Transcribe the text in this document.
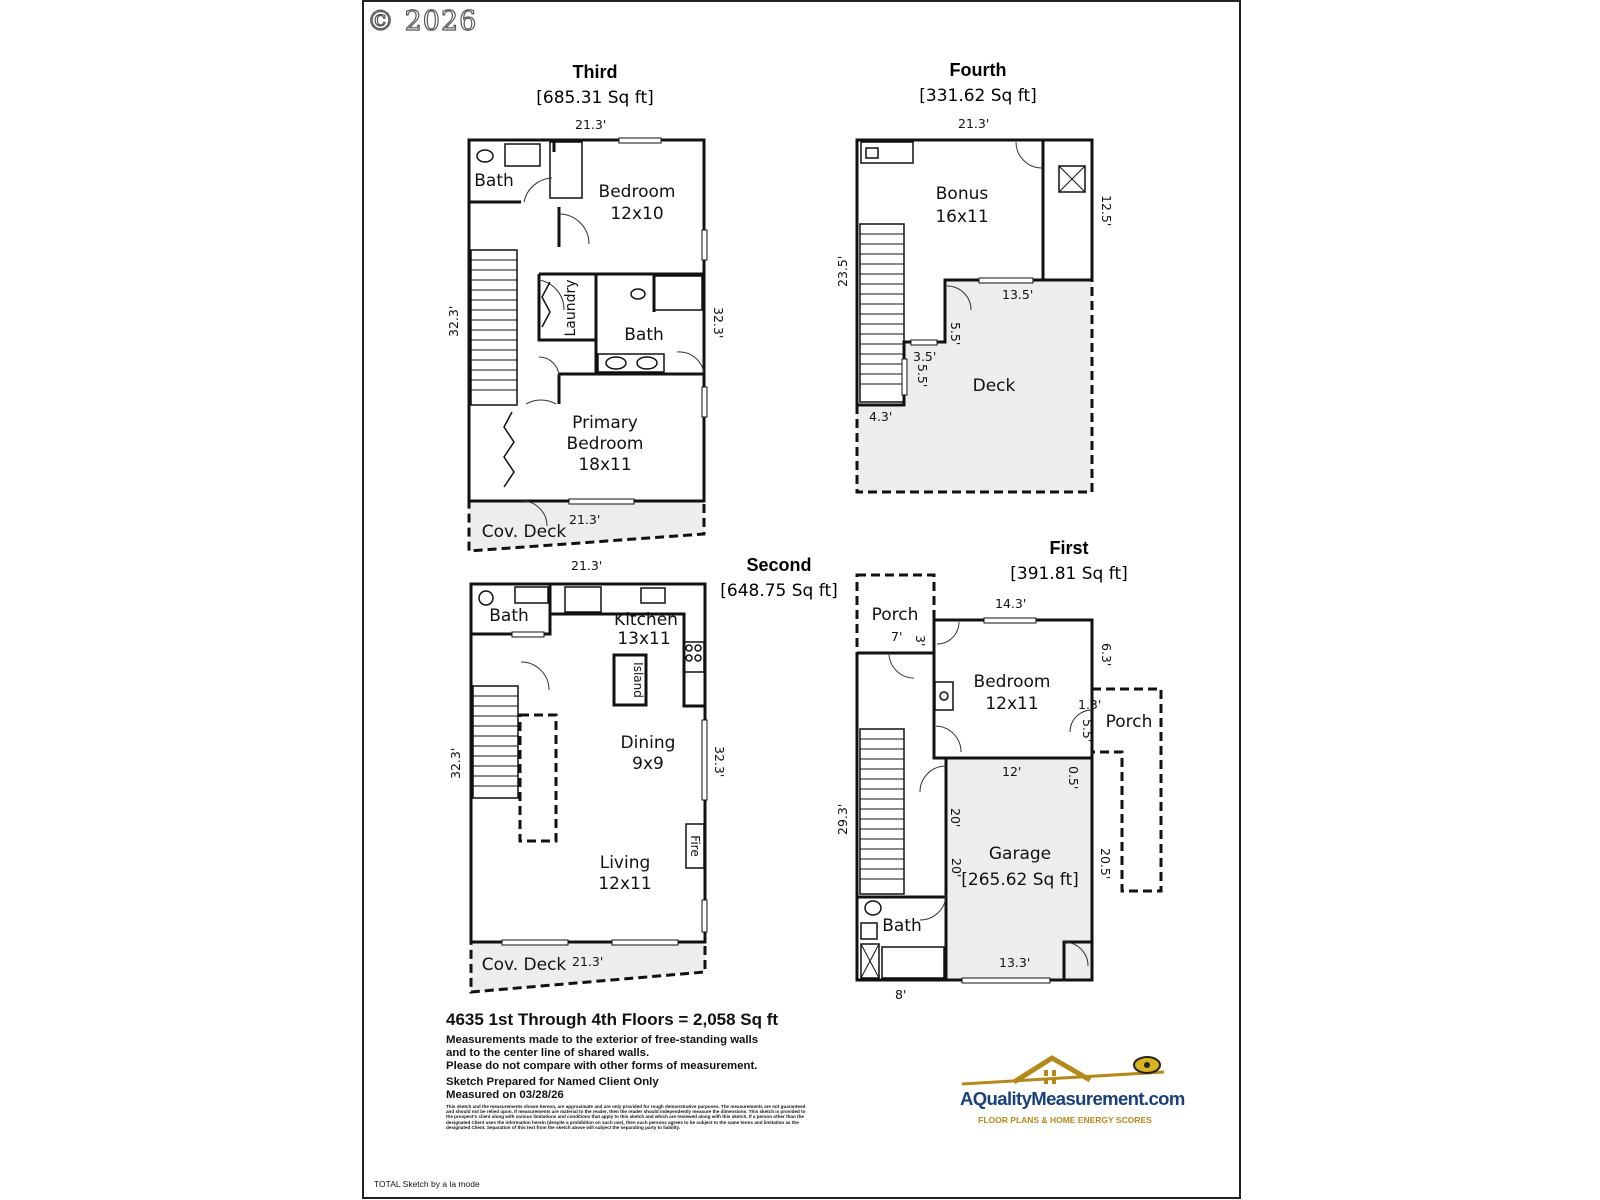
© 2026
Third
[685.31 Sq ft]
21.3'
Bath
Bedroom
12x10
Laundry	Bath
Primary
Bedroom
18x11
Cov. Deck
21.3'
32.3'	32.3'
Fourth
[331.62 Sq ft]
21.3'
Bonus
16x11
Deck
13.5'
5.5'
3.5'
5.5'
4.3'
23.5'
12.5'
Second
[648.75 Sq ft]
21.3'
Bath	Kitchen
13x11
Island
Dining
9x9
Fire
Living
12x11
Cov. Deck 21.3'
32.3'	32.3'
First
[391.81 Sq ft]
Porch
Bedroom
12x11
Porch
Garage
[265.62 Sq ft]
Bath
14.3'
6.3'
7' 3'
1.3'
5.5'
12'	0.5'
20'
20'
29.3'
20.5'
13.3'
8'
AQualityMeasurement.com
FLOOR PLANS & HOME ENERGY SCORES
4635 1st Through 4th Floors = 2,058 Sq ft
Measurements made to the exterior of free-standing walls
and to the center line of shared walls.
Please do not compare with other forms of measurement.
Sketch Prepared for Named Client Only
Measured on 03/28/26
This sketch and the measurements shown hereon, are approximate and are only provided for rough demonstrative purposes. The measurements are not guaranteed and should not be relied upon. If measurements are material to the reader, then the reader should independently measure the dimensions. This sketch is provided to the prospect's client along with various limitations and conditions that apply to this sketch and which are reviewed along with this sketch. If a person other than the designated Client uses the information herein (despite a prohibition on such use), then such persons agrees to be subject to the same terms and limitation as the designated Client. Separation of this text from the sketch above will subject the separating party to liability.
TOTAL Sketch by a la mode
